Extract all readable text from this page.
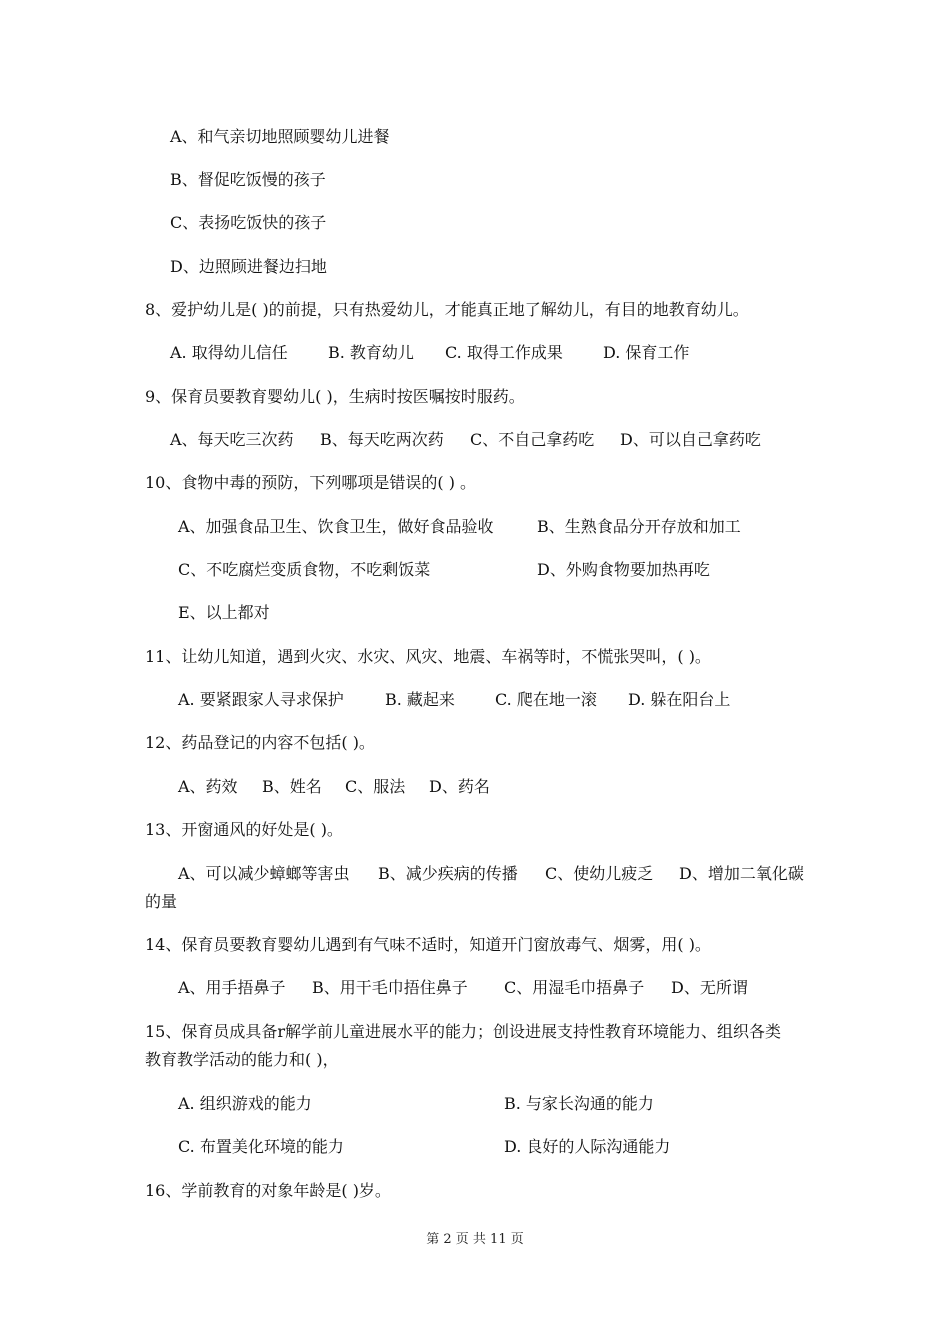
A、和气亲切地照顾婴幼儿进餐
B、督促吃饭慢的孩子
C、表扬吃饭快的孩子
D、边照顾进餐边扫地
8、爱护幼儿是( )的前提，只有热爱幼儿，才能真正地了解幼儿，有目的地教育幼儿。
A. 取得幼儿信任	B. 教育幼儿 C. 取得工作成果	D. 保育工作
9、保育员要教育婴幼儿( )，生病时按医嘱按时服药。
A、每天吃三次药 B、每天吃两次药 C、不自己拿药吃 D、可以自己拿药吃
10、食物中毒的预防，下列哪项是错误的( ) 。
A、加强食品卫生、饮食卫生，做好食品验收	B、生熟食品分开存放和加工
C、不吃腐烂变质食物，不吃剩饭菜	D、外购食物要加热再吃
E、以上都对
11、让幼儿知道，遇到火灾、水灾、风灾、地震、车祸等时，不慌张哭叫，( )。
A. 要紧跟家人寻求保护	B. 藏起来	C. 爬在地一滚 D. 躲在阳台上
12、药品登记的内容不包括( )。
A、药效 B、姓名 C、服法 D、药名
13、开窗通风的好处是( )。
A、可以减少蟑螂等害虫 B、减少疾病的传播 C、使幼儿疲乏 D、增加二氧化碳
的量
14、保育员要教育婴幼儿遇到有气味不适时，知道开门窗放毒气、烟雾，用( )。
A、用手捂鼻子 B、用干毛巾捂住鼻子 C、用湿毛巾捂鼻子 D、无所谓
15、保育员成具备r解学前儿童进展水平的能力；创设进展支持性教育环境能力、组织各类
教育教学活动的能力和( )，
A. 组织游戏的能力	B. 与家长沟通的能力
C. 布置美化环境的能力	D. 良好的人际沟通能力
16、学前教育的对象年龄是( )岁。
第 2 页 共 11 页
